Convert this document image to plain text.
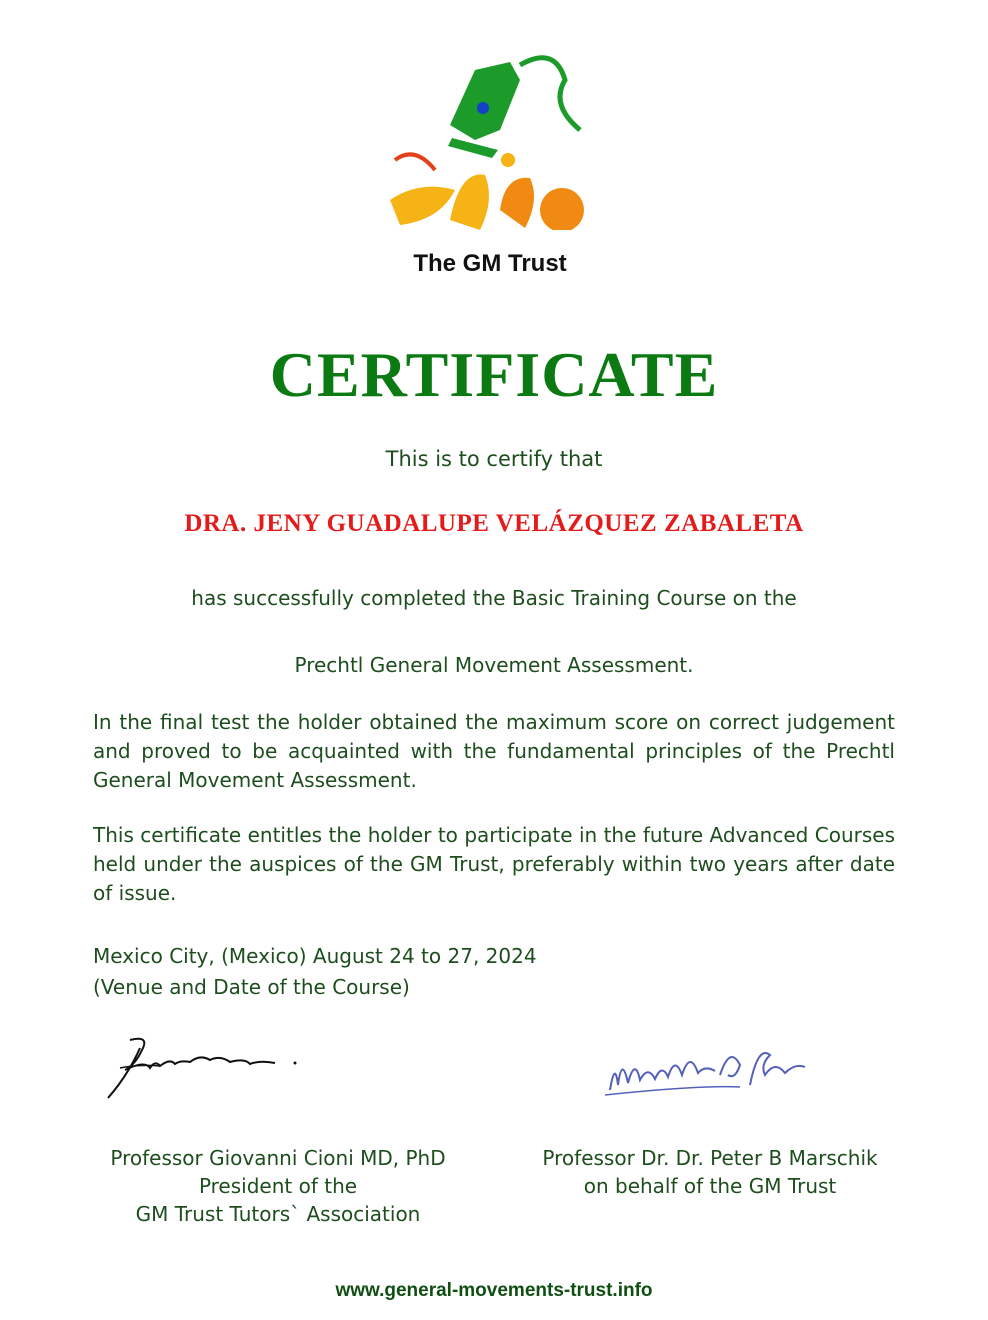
The GM Trust
CERTIFICATE
This is to certify that
DRA. JENY GUADALUPE VELÁZQUEZ ZABALETA
has successfully completed the Basic Training Course on the
Prechtl General Movement Assessment.
In the final test the holder obtained the maximum score on correct judgement and proved to be acquainted with the fundamental principles of the Prechtl General Movement Assessment.
This certificate entitles the holder to participate in the future Advanced Courses held under the auspices of the GM Trust, preferably within two years after date of issue.
Mexico City, (Mexico) August 24 to 27, 2024
(Venue and Date of the Course)
Professor Giovanni Cioni MD, PhD
President of the
GM Trust Tutors` Association
Professor Dr. Dr. Peter B Marschik
on behalf of the GM Trust
www.general-movements-trust.info
